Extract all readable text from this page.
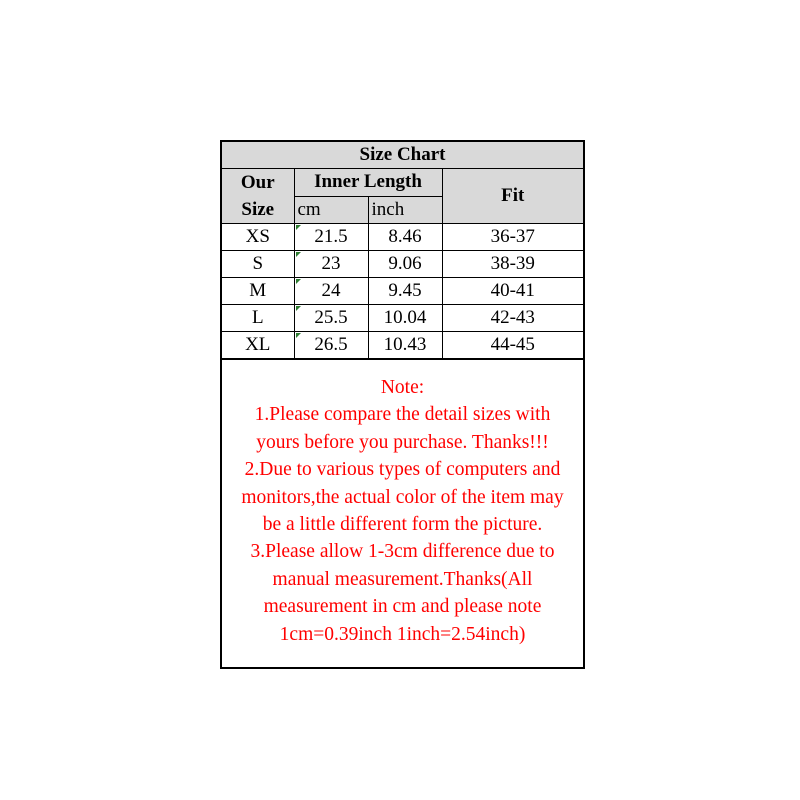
Size Chart			
Our
Size	Inner Length		Fit
	cm	inch	
XS	21.5	8.46	36-37
S	23	9.06	38-39
M	24	9.45	40-41
L	25.5	10.04	42-43
XL	26.5	10.43	44-45
Note:
1.Please compare the detail sizes with
yours before you purchase. Thanks!!!
2.Due to various types of computers and
monitors,the actual color of the item may
be a little different form the picture.
3.Please allow 1-3cm difference due to
manual measurement.Thanks(All
measurement in cm and please note
1cm=0.39inch 1inch=2.54inch)
